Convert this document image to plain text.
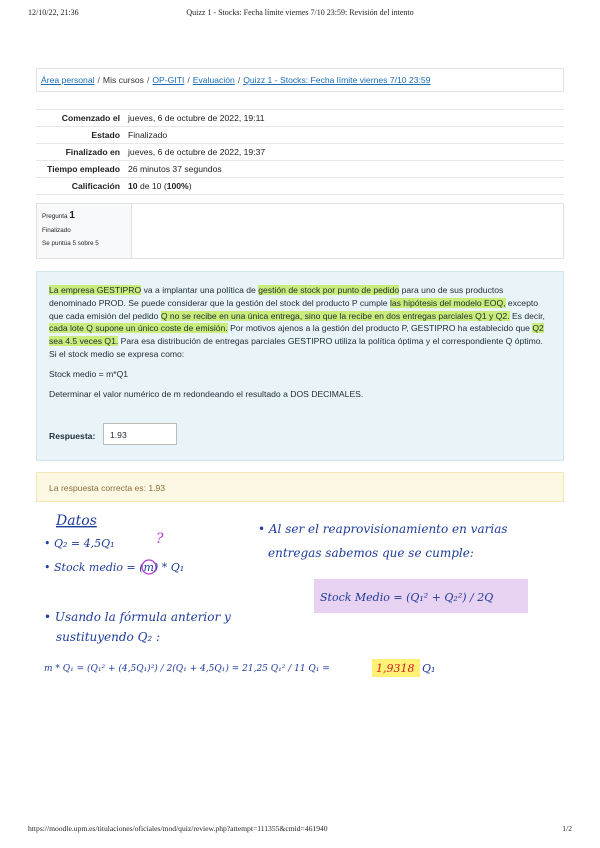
12/10/22, 21:36	Quizz 1 - Stocks: Fecha límite viernes 7/10 23:59: Revisión del intento
Área personal / Mis cursos / OP-GITI / Evaluación / Quizz 1 - Stocks: Fecha límite viernes 7/10 23:59
Comenzado el	jueves, 6 de octubre de 2022, 19:11
Estado	Finalizado
Finalizado en	jueves, 6 de octubre de 2022, 19:37
Tiempo empleado	26 minutos 37 segundos
Calificación	10 de 10 (100%)
Pregunta 1
Finalizado
Se puntúa 5 sobre 5

La empresa GESTIPRO va a implantar una política de gestión de stock por punto de pedido para uno de sus productos denominado PROD. Se puede considerar que la gestión del stock del producto P cumple las hipótesis del modelo EOQ, excepto que cada emisión del pedido Q no se recibe en una única entrega, sino que la recibe en dos entregas parciales Q1 y Q2. Es decir, cada lote Q supone un único coste de emisión. Por motivos ajenos a la gestión del producto P, GESTIPRO ha establecido que Q2 sea 4.5 veces Q1. Para esa distribución de entregas parciales GESTIPRO utiliza la política óptima y el correspondiente Q óptimo. Si el stock medio se expresa como:

Stock medio = m*Q1

Determinar el valor numérico de m redondeando el resultado a DOS DECIMALES.

Respuesta:	1.93
La respuesta correcta es: 1.93
Datos
• Q₂ = 4,5Q₁	?
• Stock medio = (m) * Q₁
• Al ser el reaprovisionamiento en varias
entregas sabemos que se cumple:
Stock Medio = (Q₁² + Q₂²) / 2Q
• Usando la fórmula anterior y
sustituyendo Q₂ :
m * Q₁ = (Q₁² + (4,5Q₁)²) / 2(Q₁ + 4,5Q₁) = 21,25 Q₁² / 11 Q₁ =	1,9318 Q₁
https://moodle.upm.es/titulaciones/oficiales/mod/quiz/review.php?attempt=111355&cmid=461940	1/2
